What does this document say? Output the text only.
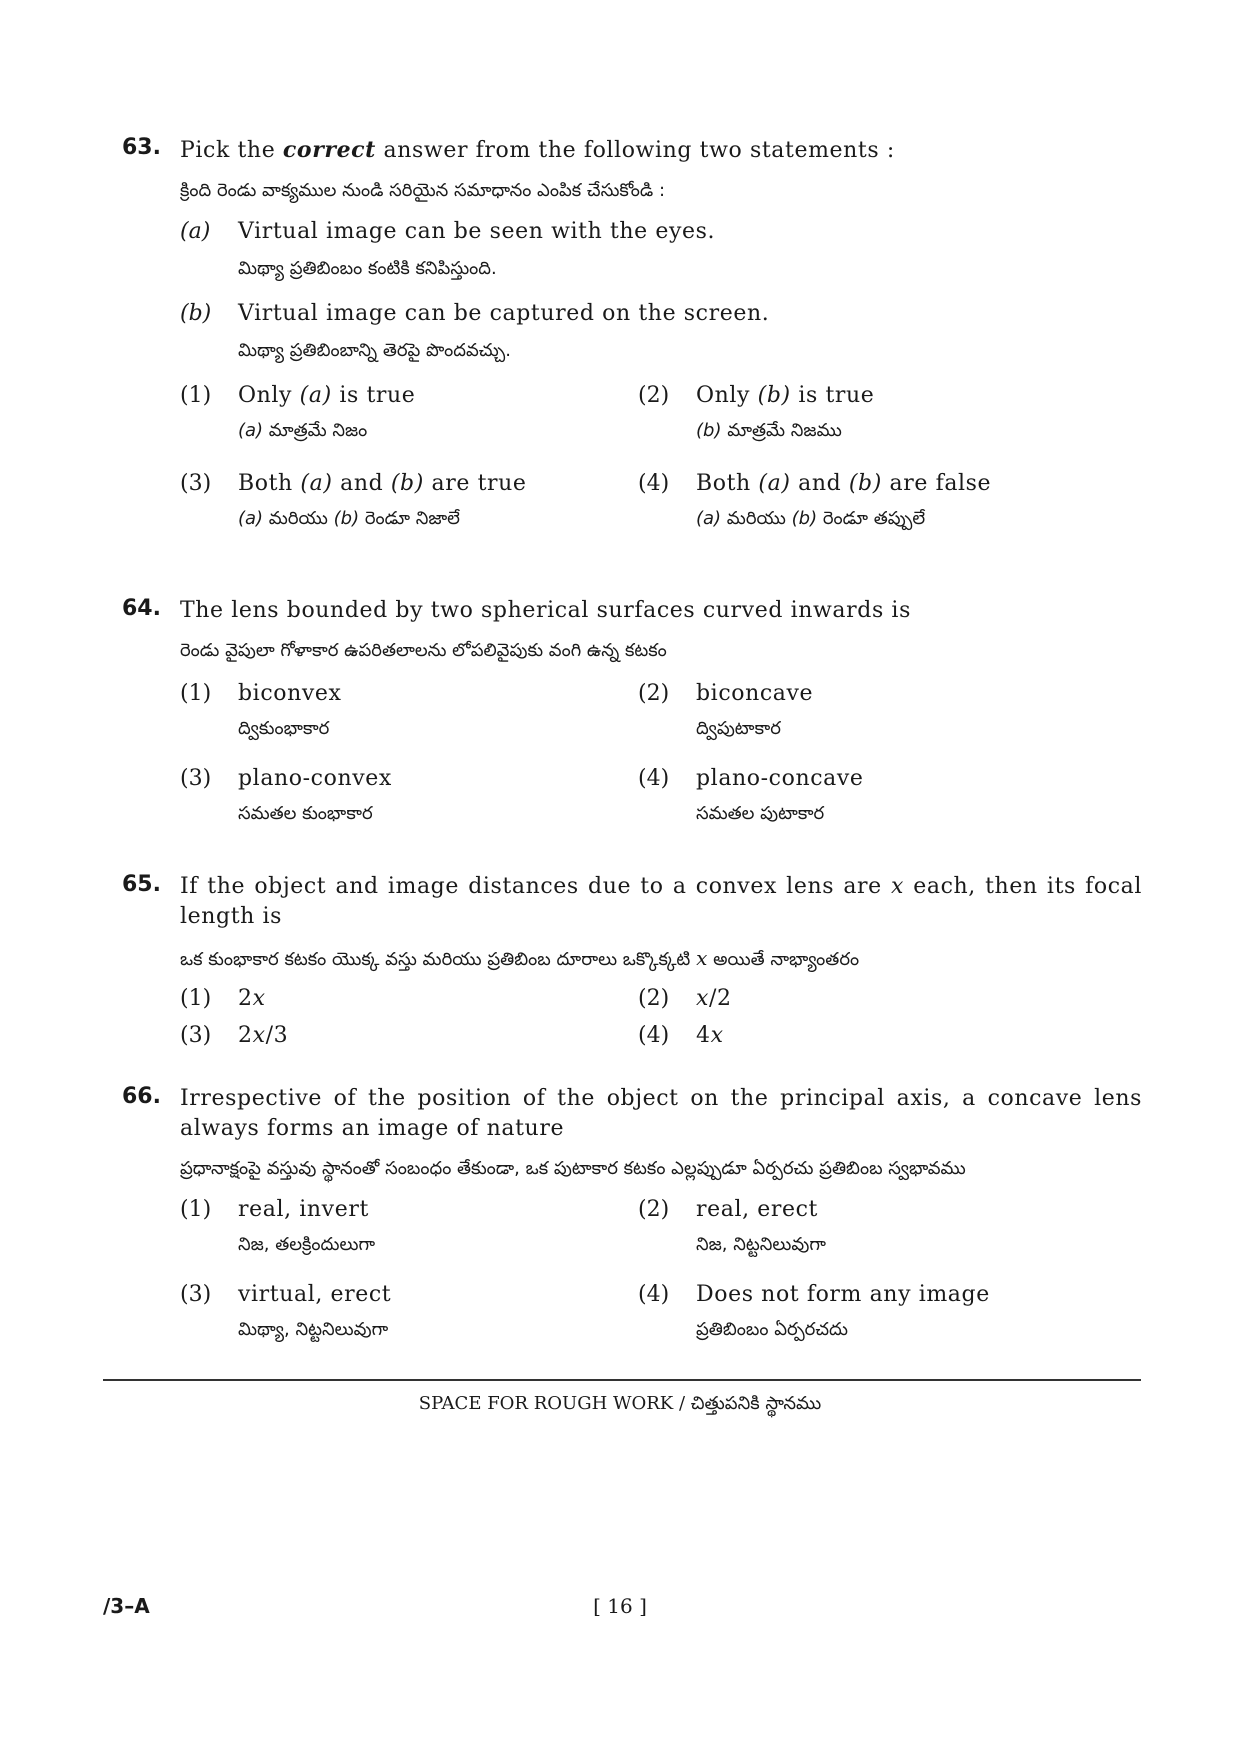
63. Pick the correct answer from the following two statements :
క్రింది రెండు వాక్యముల నుండి సరియైన సమాధానం ఎంపిక చేసుకోండి :
(a) Virtual image can be seen with the eyes.
మిథ్యా ప్రతిబింబం కంటికి కనిపిస్తుంది.
(b) Virtual image can be captured on the screen.
మిథ్యా ప్రతిబింబాన్ని తెరపై పొందవచ్చు.
(1) Only (a) is true
(a) మాత్రమే నిజం
(2) Only (b) is true
(b) మాత్రమే నిజము
(3) Both (a) and (b) are true
(a) మరియు (b) రెండూ నిజాలే
(4) Both (a) and (b) are false
(a) మరియు (b) రెండూ తప్పులే
64. The lens bounded by two spherical surfaces curved inwards is
రెండు వైపులా గోళాకార ఉపరితలాలను లోపలివైపుకు వంగి ఉన్న కటకం
(1) biconvex
ద్వికుంభాకార
(2) biconcave
ద్విపుటాకార
(3) plano-convex
సమతల కుంభాకార
(4) plano-concave
సమతల పుటాకార
65. If the object and image distances due to a convex lens are x each, then its focal length is
ఒక కుంభాకార కటకం యొక్క వస్తు మరియు ప్రతిబింబ దూరాలు ఒక్కొక్కటి x అయితే నాభ్యాంతరం
(1) 2x	(2) x/2
(3) 2x/3	(4) 4x
66. Irrespective of the position of the object on the principal axis, a concave lens always forms an image of nature
ప్రధానాక్షంపై వస్తువు స్థానంతో సంబంధం తేకుండా, ఒక పుటాకార కటకం ఎల్లప్పుడూ ఏర్పరచు ప్రతిబింబ స్వభావము
(1) real, invert
నిజ, తలక్రిందులుగా
(2) real, erect
నిజ, నిట్టనిలువుగా
(3) virtual, erect
మిథ్యా, నిట్టనిలువుగా
(4) Does not form any image
ప్రతిబింబం ఏర్పరచదు
SPACE FOR ROUGH WORK / చిత్తుపనికి స్థానము
/3–A	[ 16 ]
